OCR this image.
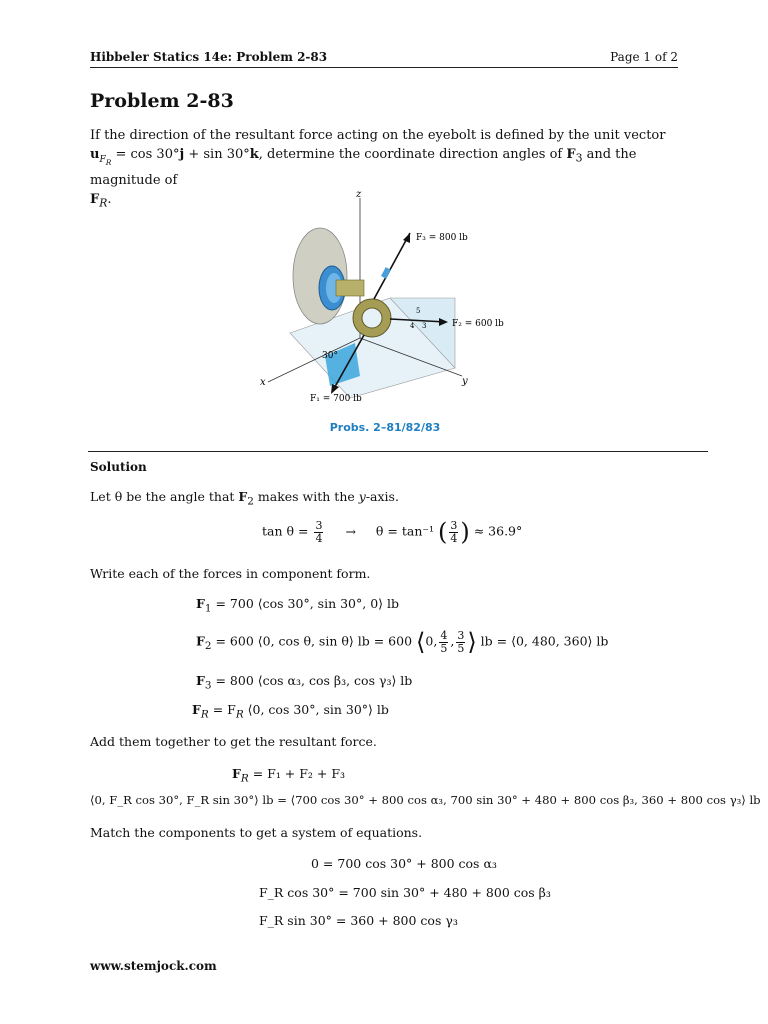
Hibbeler Statics 14e: Problem 2-83	Page 1 of 2
Problem 2-83
If the direction of the resultant force acting on the eyebolt is defined by the unit vector
$u_{F_R} = \cos 30^\circ j + \sin 30^\circ k$, determine the coordinate direction angles of $F_3$ and the magnitude of
$F_R$.	z
x	y
F₃ = 800 lb
F₂ = 600 lb
F₁ = 700 lb
30°
5
4 3
Probs. 2–81/82/83
Solution
Let θ be the angle that $F_2$ makes with the y-axis.
$\tan \theta = \frac{3}{4} \to \theta = \tan^{-1}$ ( $\frac{3}{4}$ ) ≈ 36.9°
Write each of the forces in component form.
$F_1 = 700$ ⟨cos 30°, sin 30°, 0⟩ lb
$F_2 = 600$ ⟨0, cos θ, sin θ⟩ lb = 600 ⟨0, $\frac{4}{5}$ , $\frac{3}{5}$ ⟩ lb = ⟨0, 480, 360⟩ lb
$F_3 = 800$ ⟨cos α₃, cos β₃, cos γ₃⟩ lb
$F_R = F_R$ ⟨0, cos 30°, sin 30°⟩ lb
Add them together to get the resultant force.
$F_R = F_1 + F_2 + F_3$
⟨0, F_R cos 30°, F_R sin 30°⟩ lb = ⟨700 cos 30° + 800 cos α₃, 700 sin 30° + 480 + 800 cos β₃, 360 + 800 cos γ₃⟩ lb
Match the components to get a system of equations.
0 = 700 cos 30° + 800 cos α₃
F_R cos 30° = 700 sin 30° + 480 + 800 cos β₃
F_R sin 30° = 360 + 800 cos γ₃
www.stemjock.com
